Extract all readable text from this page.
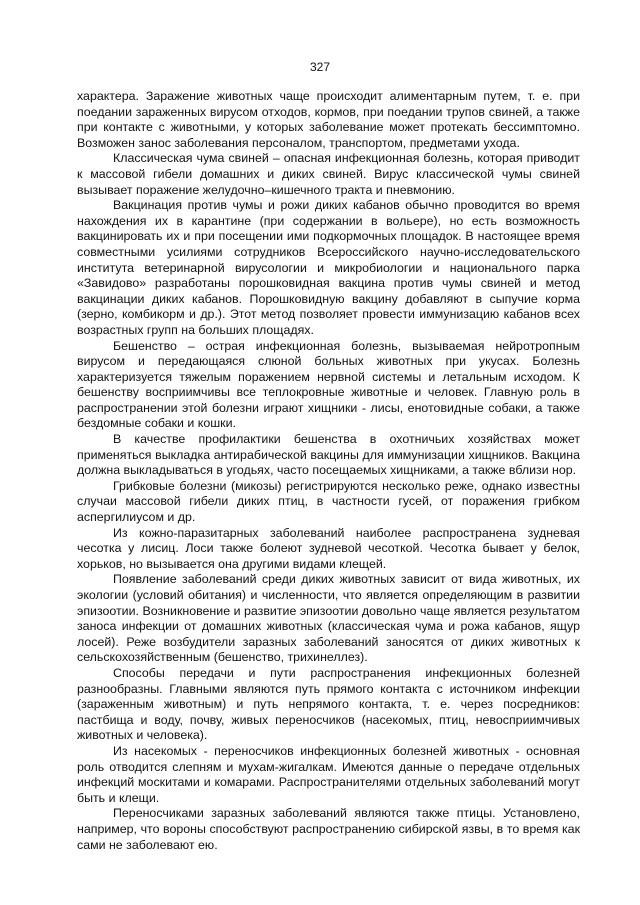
327

характера. Заражение животных чаще происходит алиментарным путем, т. е. при поедании зараженных вирусом отходов, кормов, при поедании трупов свиней, а также при контакте с животными, у которых заболевание может протекать бессимптомно. Возможен занос заболевания персоналом, транспортом, предметами ухода.

Классическая чума свиней – опасная инфекционная болезнь, которая приводит к массовой гибели домашних и диких свиней. Вирус классической чумы свиней вызывает поражение желудочно–кишечного тракта и пневмонию.

Вакцинация против чумы и рожи диких кабанов обычно проводится во время нахождения их в карантине (при содержании в вольере), но есть возможность вакцинировать их и при посещении ими подкормочных площадок. В настоящее время совместными усилиями сотрудников Всероссийского научно-исследовательского института ветеринарной вирусологии и микробиологии и национального парка «Завидово» разработаны порошковидная вакцина против чумы свиней и метод вакцинации диких кабанов. Порошковидную вакцину добавляют в сыпучие корма (зерно, комбикорм и др.). Этот метод позволяет провести иммунизацию кабанов всех возрастных групп на больших площадях.

Бешенство – острая инфекционная болезнь, вызываемая нейротропным вирусом и передающаяся слюной больных животных при укусах. Болезнь характеризуется тяжелым поражением нервной системы и летальным исходом. К бешенству восприимчивы все теплокровные животные и человек. Главную роль в распространении этой болезни играют хищники - лисы, енотовидные собаки, а также бездомные собаки и кошки.

В качестве профилактики бешенства в охотничьих хозяйствах может применяться выкладка антирабической вакцины для иммунизации хищников. Вакцина должна выкладываться в угодьях, часто посещаемых хищниками, а также вблизи нор.

Грибковые болезни (микозы) регистрируются несколько реже, однако известны случаи массовой гибели диких птиц, в частности гусей, от поражения грибком аспергилиусом и др.

Из кожно-паразитарных заболеваний наиболее распространена зудневая чесотка у лисиц. Лоси также болеют зудневой чесоткой. Чесотка бывает у белок, хорьков, но вызывается она другими видами клещей.

Появление заболеваний среди диких животных зависит от вида животных, их экологии (условий обитания) и численности, что является определяющим в развитии эпизоотии. Возникновение и развитие эпизоотии довольно чаще является результатом заноса инфекции от домашних животных (классическая чума и рожа кабанов, ящур лосей). Реже возбудители заразных заболеваний заносятся от диких животных к сельскохозяйственным (бешенство, трихинеллез).

Способы передачи и пути распространения инфекционных болезней разнообразны. Главными являются путь прямого контакта с источником инфекции (зараженным животным) и путь непрямого контакта, т. е. через посредников: пастбища и воду, почву, живых переносчиков (насекомых, птиц, невосприимчивых животных и человека).

Из насекомых - переносчиков инфекционных болезней животных - основная роль отводится слепням и мухам-жигалкам. Имеются данные о передаче отдельных инфекций москитами и комарами. Распространителями отдельных заболеваний могут быть и клещи.

Переносчиками заразных заболеваний являются также птицы. Установлено, например, что вороны способствуют распространению сибирской язвы, в то время как сами не заболевают ею.
